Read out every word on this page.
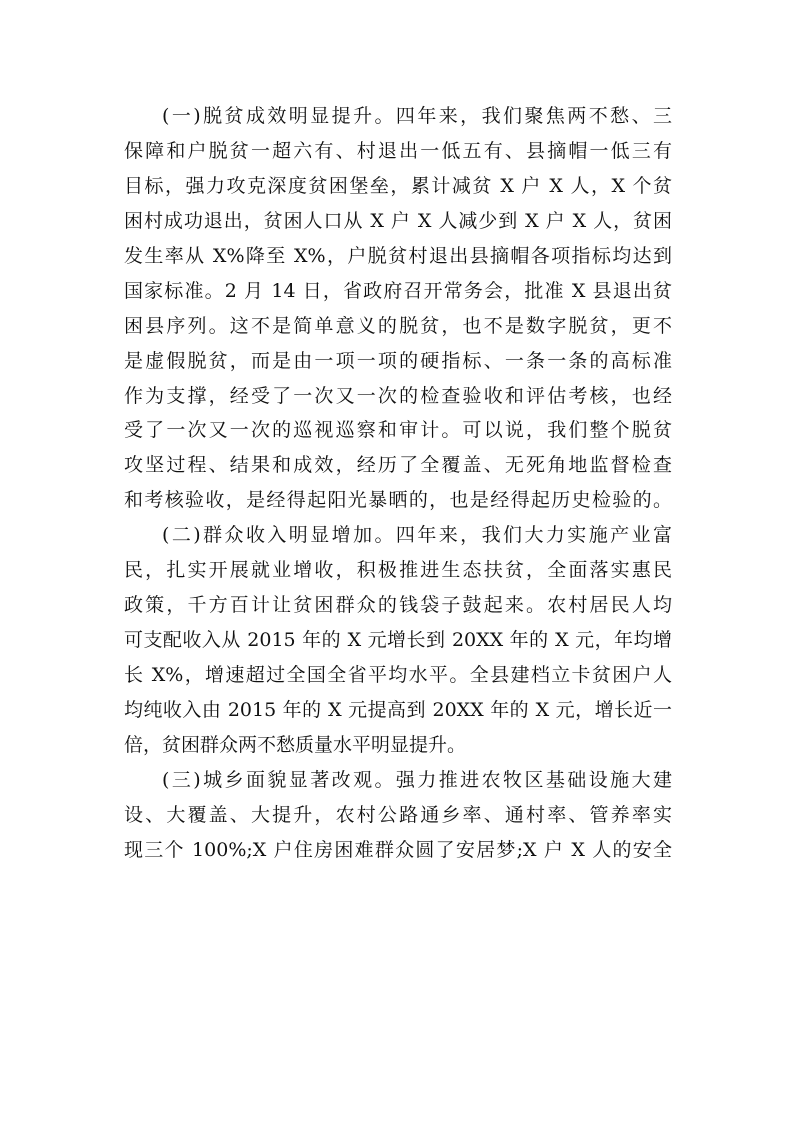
(一)脱贫成效明显提升。四年来，我们聚焦两不愁、三
保障和户脱贫一超六有、村退出一低五有、县摘帽一低三有
目标，强力攻克深度贫困堡垒，累计减贫 X 户 X 人，X 个贫
困村成功退出，贫困人口从 X 户 X 人减少到 X 户 X 人，贫困
发生率从 X%降至 X%，户脱贫村退出县摘帽各项指标均达到
国家标准。2 月 14 日，省政府召开常务会，批准 X 县退出贫
困县序列。这不是简单意义的脱贫，也不是数字脱贫，更不
是虚假脱贫，而是由一项一项的硬指标、一条一条的高标准
作为支撑，经受了一次又一次的检查验收和评估考核，也经
受了一次又一次的巡视巡察和审计。可以说，我们整个脱贫
攻坚过程、结果和成效，经历了全覆盖、无死角地监督检查
和考核验收，是经得起阳光暴晒的，也是经得起历史检验的。
(二)群众收入明显增加。四年来，我们大力实施产业富
民，扎实开展就业增收，积极推进生态扶贫，全面落实惠民
政策，千方百计让贫困群众的钱袋子鼓起来。农村居民人均
可支配收入从 2015 年的 X 元增长到 20XX 年的 X 元，年均增
长 X%，增速超过全国全省平均水平。全县建档立卡贫困户人
均纯收入由 2015 年的 X 元提高到 20XX 年的 X 元，增长近一
倍，贫困群众两不愁质量水平明显提升。
(三)城乡面貌显著改观。强力推进农牧区基础设施大建
设、大覆盖、大提升，农村公路通乡率、通村率、管养率实
现三个 100%;X 户住房困难群众圆了安居梦;X 户 X 人的安全
